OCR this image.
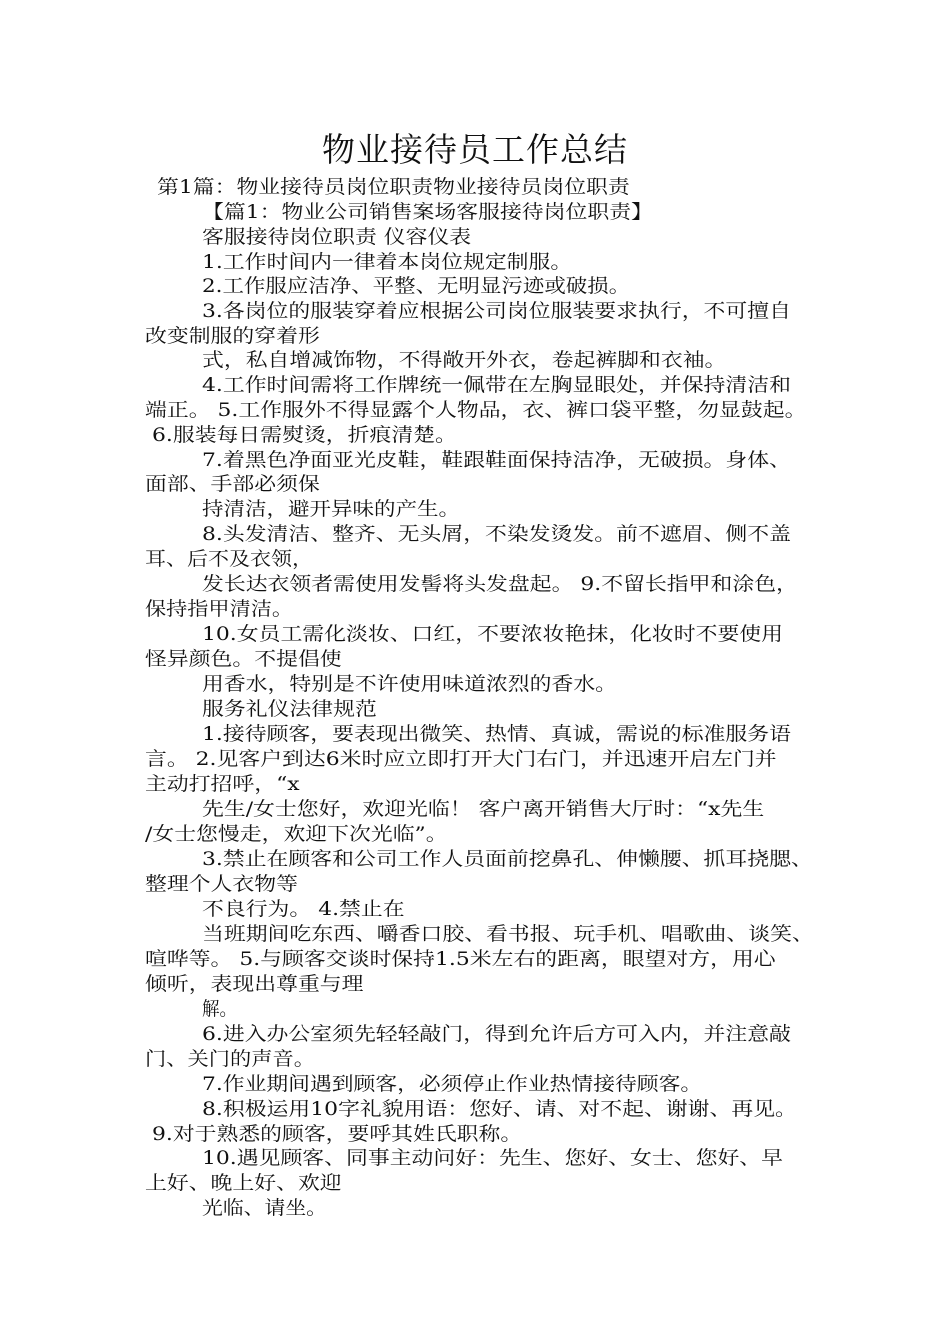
物业接待员工作总结
第1篇：物业接待员岗位职责物业接待员岗位职责
【篇1：物业公司销售案场客服接待岗位职责】
客服接待岗位职责 仪容仪表
1.工作时间内一律着本岗位规定制服。
2.工作服应洁净、平整、无明显污迹或破损。
3.各岗位的服装穿着应根据公司岗位服装要求执行，不可擅自
改变制服的穿着形
式，私自增减饰物，不得敞开外衣，卷起裤脚和衣袖。
4.工作时间需将工作牌统一佩带在左胸显眼处，并保持清洁和
端正。 5.工作服外不得显露个人物品，衣、裤口袋平整，勿显鼓起。
6.服装每日需熨烫，折痕清楚。
7.着黑色净面亚光皮鞋，鞋跟鞋面保持洁净，无破损。身体、
面部、手部必须保
持清洁，避开异味的产生。
8.头发清洁、整齐、无头屑，不染发烫发。前不遮眉、侧不盖
耳、后不及衣领，
发长达衣领者需使用发髻将头发盘起。 9.不留长指甲和涂色，
保持指甲清洁。
10.女员工需化淡妆、口红，不要浓妆艳抹，化妆时不要使用
怪异颜色。不提倡使
用香水，特别是不许使用味道浓烈的香水。
服务礼仪法律规范
1.接待顾客，要表现出微笑、热情、真诚，需说的标准服务语
言。 2.见客户到达6米时应立即打开大门右门，并迅速开启左门并
主动打招呼，“x
先生/女士您好，欢迎光临！ 客户离开销售大厅时：“x先生
/女士您慢走，欢迎下次光临”。
3.禁止在顾客和公司工作人员面前挖鼻孔、伸懒腰、抓耳挠腮、
整理个人衣物等
不良行为。 4.禁止在
当班期间吃东西、嚼香口胶、看书报、玩手机、唱歌曲、谈笑、
喧哗等。 5.与顾客交谈时保持1.5米左右的距离，眼望对方，用心
倾听，表现出尊重与理
解。
6.进入办公室须先轻轻敲门，得到允许后方可入内，并注意敲
门、关门的声音。
7.作业期间遇到顾客，必须停止作业热情接待顾客。
8.积极运用10字礼貌用语：您好、请、对不起、谢谢、再见。
9.对于熟悉的顾客，要呼其姓氏职称。
10.遇见顾客、同事主动问好：先生、您好、女士、您好、早
上好、晚上好、欢迎
光临、请坐。
